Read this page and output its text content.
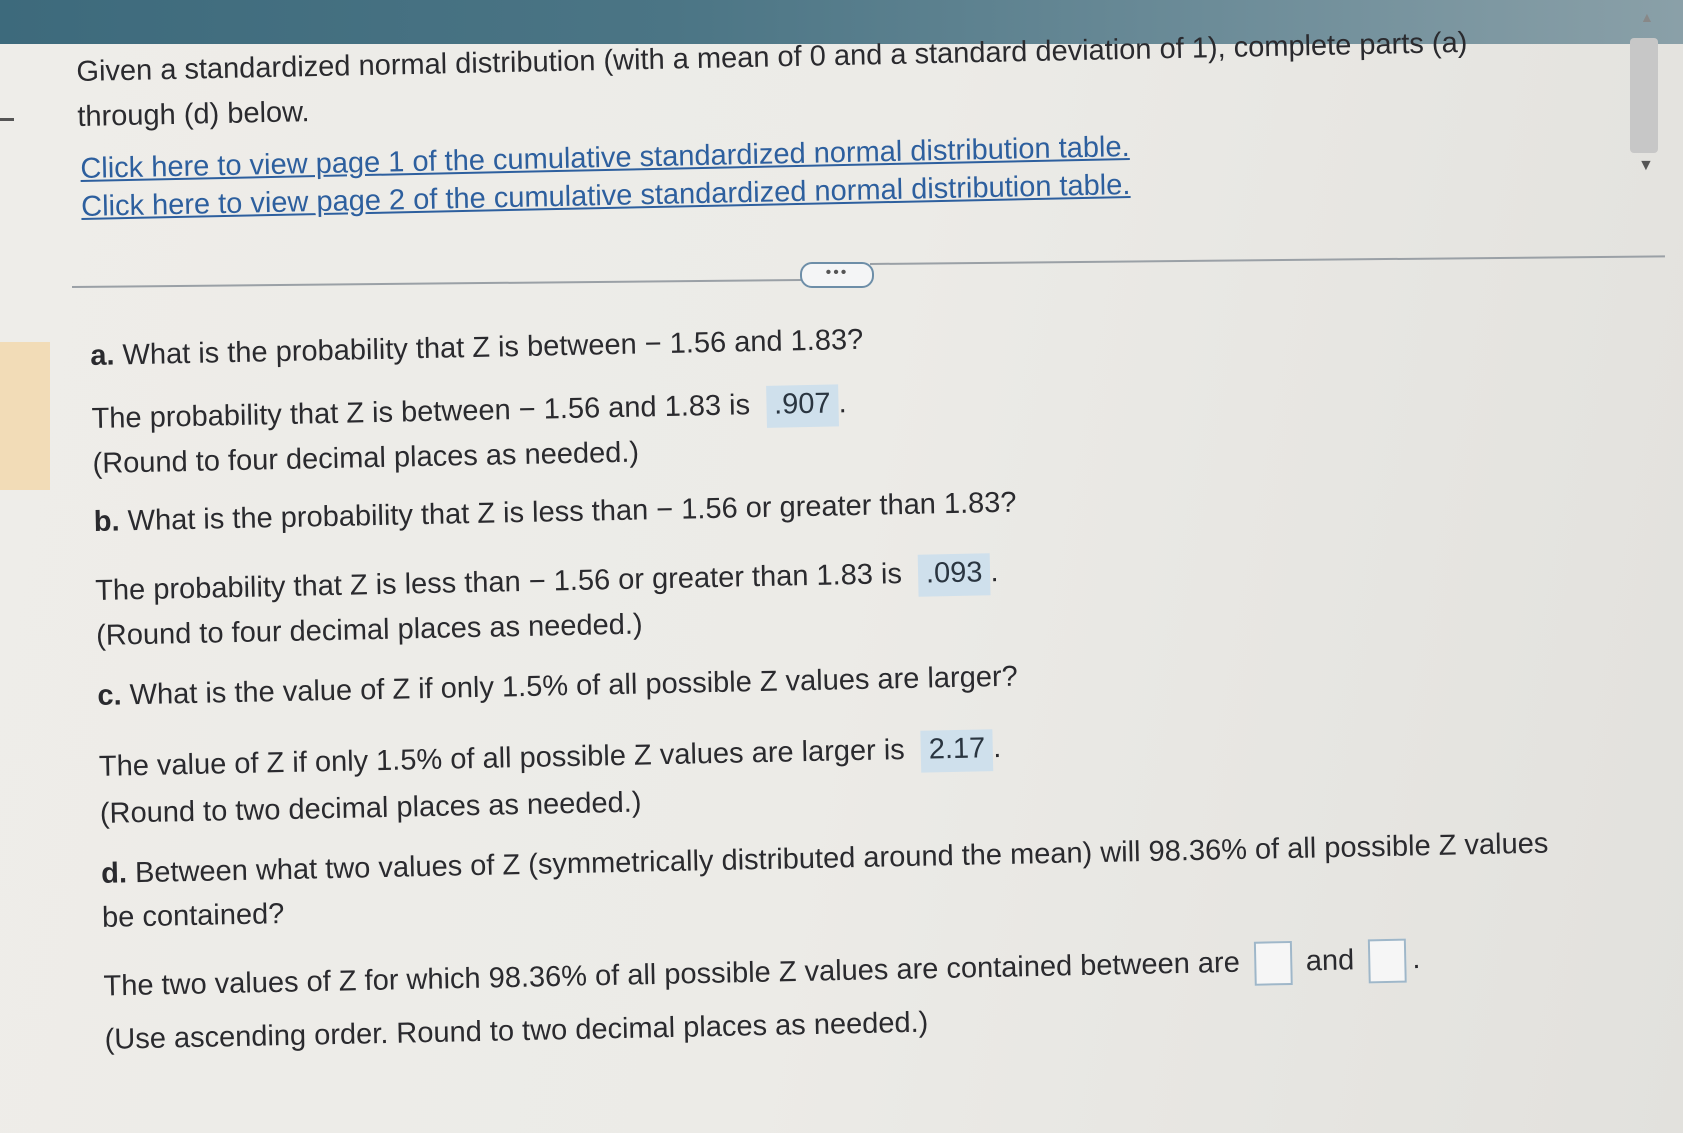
▲
▼
Given a standardized normal distribution (with a mean of 0 and a standard deviation of 1), complete parts (a)
through (d) below.
Click here to view page 1 of the cumulative standardized normal distribution table.
Click here to view page 2 of the cumulative standardized normal distribution table.
•••
a. What is the probability that Z is between − 1.56 and 1.83?
The probability that Z is between − 1.56 and 1.83 is .907 .
(Round to four decimal places as needed.)
b. What is the probability that Z is less than − 1.56 or greater than 1.83?
The probability that Z is less than − 1.56 or greater than 1.83 is .093 .
(Round to four decimal places as needed.)
c. What is the value of Z if only 1.5% of all possible Z values are larger?
The value of Z if only 1.5% of all possible Z values are larger is 2.17 .
(Round to two decimal places as needed.)
d. Between what two values of Z (symmetrically distributed around the mean) will 98.36% of all possible Z values
be contained?
The two values of Z for which 98.36% of all possible Z values are contained between are and .
(Use ascending order. Round to two decimal places as needed.)
